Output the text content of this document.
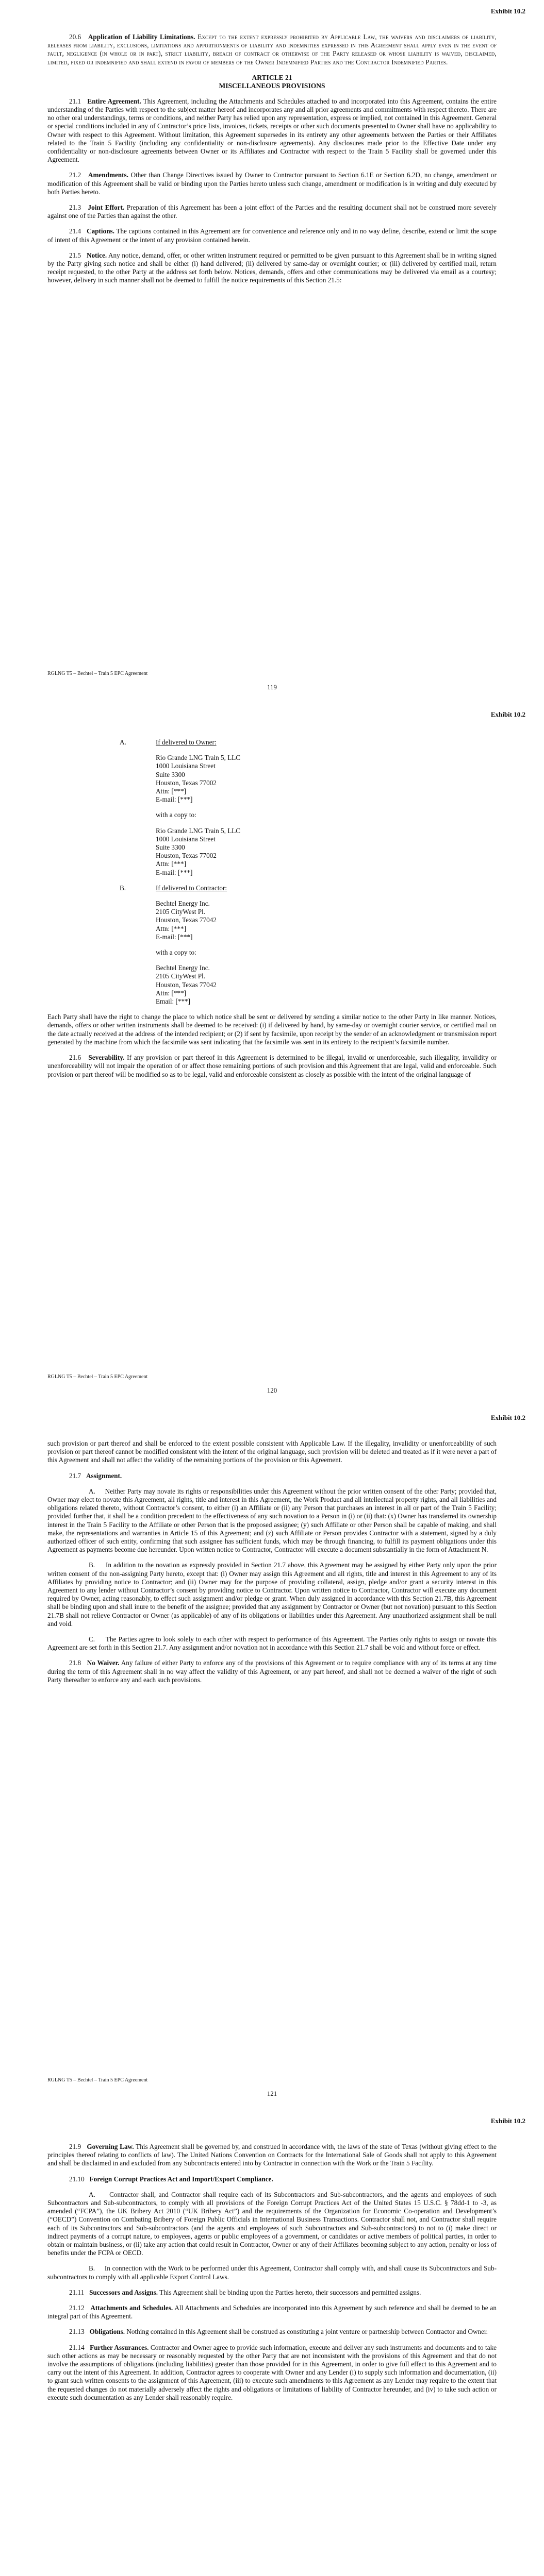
Exhibit 10.2

20.6 Application of Liability Limitations. Except to the extent expressly prohibited by Applicable Law, the waivers and disclaimers of liability, releases from liability, exclusions, limitations and apportionments of liability and indemnities expressed in this Agreement shall apply even in the event of fault, negligence (in whole or in part), strict liability, breach of contract or otherwise of the Party released or whose liability is waived, disclaimed, limited, fixed or indemnified and shall extend in favor of members of the Owner Indemnified Parties and the Contractor Indemnified Parties.

ARTICLE 21
MISCELLANEOUS PROVISIONS

21.1 Entire Agreement. This Agreement, including the Attachments and Schedules attached to and incorporated into this Agreement, contains the entire understanding of the Parties with respect to the subject matter hereof and incorporates any and all prior agreements and commitments with respect thereto. There are no other oral understandings, terms or conditions, and neither Party has relied upon any representation, express or implied, not contained in this Agreement. General or special conditions included in any of Contractor’s price lists, invoices, tickets, receipts or other such documents presented to Owner shall have no applicability to Owner with respect to this Agreement. Without limitation, this Agreement supersedes in its entirety any other agreements between the Parties or their Affiliates related to the Train 5 Facility (including any confidentiality or non-disclosure agreements). Any disclosures made prior to the Effective Date under any confidentiality or non-disclosure agreements between Owner or its Affiliates and Contractor with respect to the Train 5 Facility shall be governed under this Agreement.

21.2 Amendments. Other than Change Directives issued by Owner to Contractor pursuant to Section 6.1E or Section 6.2D, no change, amendment or modification of this Agreement shall be valid or binding upon the Parties hereto unless such change, amendment or modification is in writing and duly executed by both Parties hereto.

21.3 Joint Effort. Preparation of this Agreement has been a joint effort of the Parties and the resulting document shall not be construed more severely against one of the Parties than against the other.

21.4 Captions. The captions contained in this Agreement are for convenience and reference only and in no way define, describe, extend or limit the scope of intent of this Agreement or the intent of any provision contained herein.

21.5 Notice. Any notice, demand, offer, or other written instrument required or permitted to be given pursuant to this Agreement shall be in writing signed by the Party giving such notice and shall be either (i) hand delivered; (ii) delivered by same-day or overnight courier; or (iii) delivered by certified mail, return receipt requested, to the other Party at the address set forth below. Notices, demands, offers and other communications may be delivered via email as a courtesy; however, delivery in such manner shall not be deemed to fulfill the notice requirements of this Section 21.5:

RGLNG T5 – Bechtel – Train 5 EPC Agreement
119
Exhibit 10.2
A.	If delivered to Owner:
Rio Grande LNG Train 5, LLC
1000 Louisiana Street
Suite 3300
Houston, Texas 77002
Attn: [***]
E-mail: [***]
with a copy to:
Rio Grande LNG Train 5, LLC
1000 Louisiana Street
Suite 3300
Houston, Texas 77002
Attn: [***]
E-mail: [***]
B.	If delivered to Contractor:
Bechtel Energy Inc.
2105 CityWest Pl.
Houston, Texas 77042
Attn: [***]
E-mail: [***]
with a copy to:
Bechtel Energy Inc.
2105 CityWest Pl.
Houston, Texas 77042
Attn: [***]
Email: [***]

Each Party shall have the right to change the place to which notice shall be sent or delivered by sending a similar notice to the other Party in like manner. Notices, demands, offers or other written instruments shall be deemed to be received: (i) if delivered by hand, by same-day or overnight courier service, or certified mail on the date actually received at the address of the intended recipient; or (2) if sent by facsimile, upon receipt by the sender of an acknowledgment or transmission report generated by the machine from which the facsimile was sent indicating that the facsimile was sent in its entirety to the recipient’s facsimile number.

21.6 Severability. If any provision or part thereof in this Agreement is determined to be illegal, invalid or unenforceable, such illegality, invalidity or unenforceability will not impair the operation of or affect those remaining portions of such provision and this Agreement that are legal, valid and enforceable. Such provision or part thereof will be modified so as to be legal, valid and enforceable consistent as closely as possible with the intent of the original language of

RGLNG T5 – Bechtel – Train 5 EPC Agreement
120
Exhibit 10.2

such provision or part thereof and shall be enforced to the extent possible consistent with Applicable Law. If the illegality, invalidity or unenforceability of such provision or part thereof cannot be modified consistent with the intent of the original language, such provision will be deleted and treated as if it were never a part of this Agreement and shall not affect the validity of the remaining portions of the provision or this Agreement.

21.7 Assignment.

A. Neither Party may novate its rights or responsibilities under this Agreement without the prior written consent of the other Party; provided that, Owner may elect to novate this Agreement, all rights, title and interest in this Agreement, the Work Product and all intellectual property rights, and all liabilities and obligations related thereto, without Contractor’s consent, to either (i) an Affiliate or (ii) any Person that purchases an interest in all or part of the Train 5 Facility; provided further that, it shall be a condition precedent to the effectiveness of any such novation to a Person in (i) or (ii) that: (x) Owner has transferred its ownership interest in the Train 5 Facility to the Affiliate or other Person that is the proposed assignee; (y) such Affiliate or other Person shall be capable of making, and shall make, the representations and warranties in Article 15 of this Agreement; and (z) such Affiliate or Person provides Contractor with a statement, signed by a duly authorized officer of such entity, confirming that such assignee has sufficient funds, which may be through financing, to fulfill its payment obligations under this Agreement as payments become due hereunder. Upon written notice to Contractor, Contractor will execute a document substantially in the form of Attachment N.

B. In addition to the novation as expressly provided in Section 21.7 above, this Agreement may be assigned by either Party only upon the prior written consent of the non-assigning Party hereto, except that: (i) Owner may assign this Agreement and all rights, title and interest in this Agreement to any of its Affiliates by providing notice to Contractor; and (ii) Owner may for the purpose of providing collateral, assign, pledge and/or grant a security interest in this Agreement to any lender without Contractor’s consent by providing notice to Contractor. Upon written notice to Contractor, Contractor will execute any document required by Owner, acting reasonably, to effect such assignment and/or pledge or grant. When duly assigned in accordance with this Section 21.7B, this Agreement shall be binding upon and shall inure to the benefit of the assignee; provided that any assignment by Contractor or Owner (but not novation) pursuant to this Section 21.7B shall not relieve Contractor or Owner (as applicable) of any of its obligations or liabilities under this Agreement. Any unauthorized assignment shall be null and void.

C. The Parties agree to look solely to each other with respect to performance of this Agreement. The Parties only rights to assign or novate this Agreement are set forth in this Section 21.7. Any assignment and/or novation not in accordance with this Section 21.7 shall be void and without force or effect.

21.8 No Waiver. Any failure of either Party to enforce any of the provisions of this Agreement or to require compliance with any of its terms at any time during the term of this Agreement shall in no way affect the validity of this Agreement, or any part hereof, and shall not be deemed a waiver of the right of such Party thereafter to enforce any and each such provisions.

RGLNG T5 – Bechtel – Train 5 EPC Agreement
121
Exhibit 10.2

21.9 Governing Law. This Agreement shall be governed by, and construed in accordance with, the laws of the state of Texas (without giving effect to the principles thereof relating to conflicts of law). The United Nations Convention on Contracts for the International Sale of Goods shall not apply to this Agreement and shall be disclaimed in and excluded from any Subcontracts entered into by Contractor in connection with the Work or the Train 5 Facility.

21.10 Foreign Corrupt Practices Act and Import/Export Compliance.

A. Contractor shall, and Contractor shall require each of its Subcontractors and Sub-subcontractors, and the agents and employees of such Subcontractors and Sub-subcontractors, to comply with all provisions of the Foreign Corrupt Practices Act of the United States 15 U.S.C. § 78dd-1 to -3, as amended (“FCPA”), the UK Bribery Act 2010 (“UK Bribery Act”) and the requirements of the Organization for Economic Co-operation and Development’s (“OECD”) Convention on Combating Bribery of Foreign Public Officials in International Business Transactions. Contractor shall not, and Contractor shall require each of its Subcontractors and Sub-subcontractors (and the agents and employees of such Subcontractors and Sub-subcontractors) to not to (i) make direct or indirect payments of a corrupt nature, to employees, agents or public employees of a government, or candidates or active members of political parties, in order to obtain or maintain business, or (ii) take any action that could result in Contractor, Owner or any of their Affiliates becoming subject to any action, penalty or loss of benefits under the FCPA or OECD.

B. In connection with the Work to be performed under this Agreement, Contractor shall comply with, and shall cause its Subcontractors and Sub-subcontractors to comply with all applicable Export Control Laws.

21.11 Successors and Assigns. This Agreement shall be binding upon the Parties hereto, their successors and permitted assigns.

21.12 Attachments and Schedules. All Attachments and Schedules are incorporated into this Agreement by such reference and shall be deemed to be an integral part of this Agreement.

21.13 Obligations. Nothing contained in this Agreement shall be construed as constituting a joint venture or partnership between Contractor and Owner.

21.14 Further Assurances. Contractor and Owner agree to provide such information, execute and deliver any such instruments and documents and to take such other actions as may be necessary or reasonably requested by the other Party that are not inconsistent with the provisions of this Agreement and that do not involve the assumptions of obligations (including liabilities) greater than those provided for in this Agreement, in order to give full effect to this Agreement and to carry out the intent of this Agreement. In addition, Contractor agrees to cooperate with Owner and any Lender (i) to supply such information and documentation, (ii) to grant such written consents to the assignment of this Agreement, (iii) to execute such amendments to this Agreement as any Lender may require to the extent that the requested changes do not materially adversely affect the rights and obligations or limitations of liability of Contractor hereunder, and (iv) to take such action or execute such documentation as any Lender shall reasonably require.
